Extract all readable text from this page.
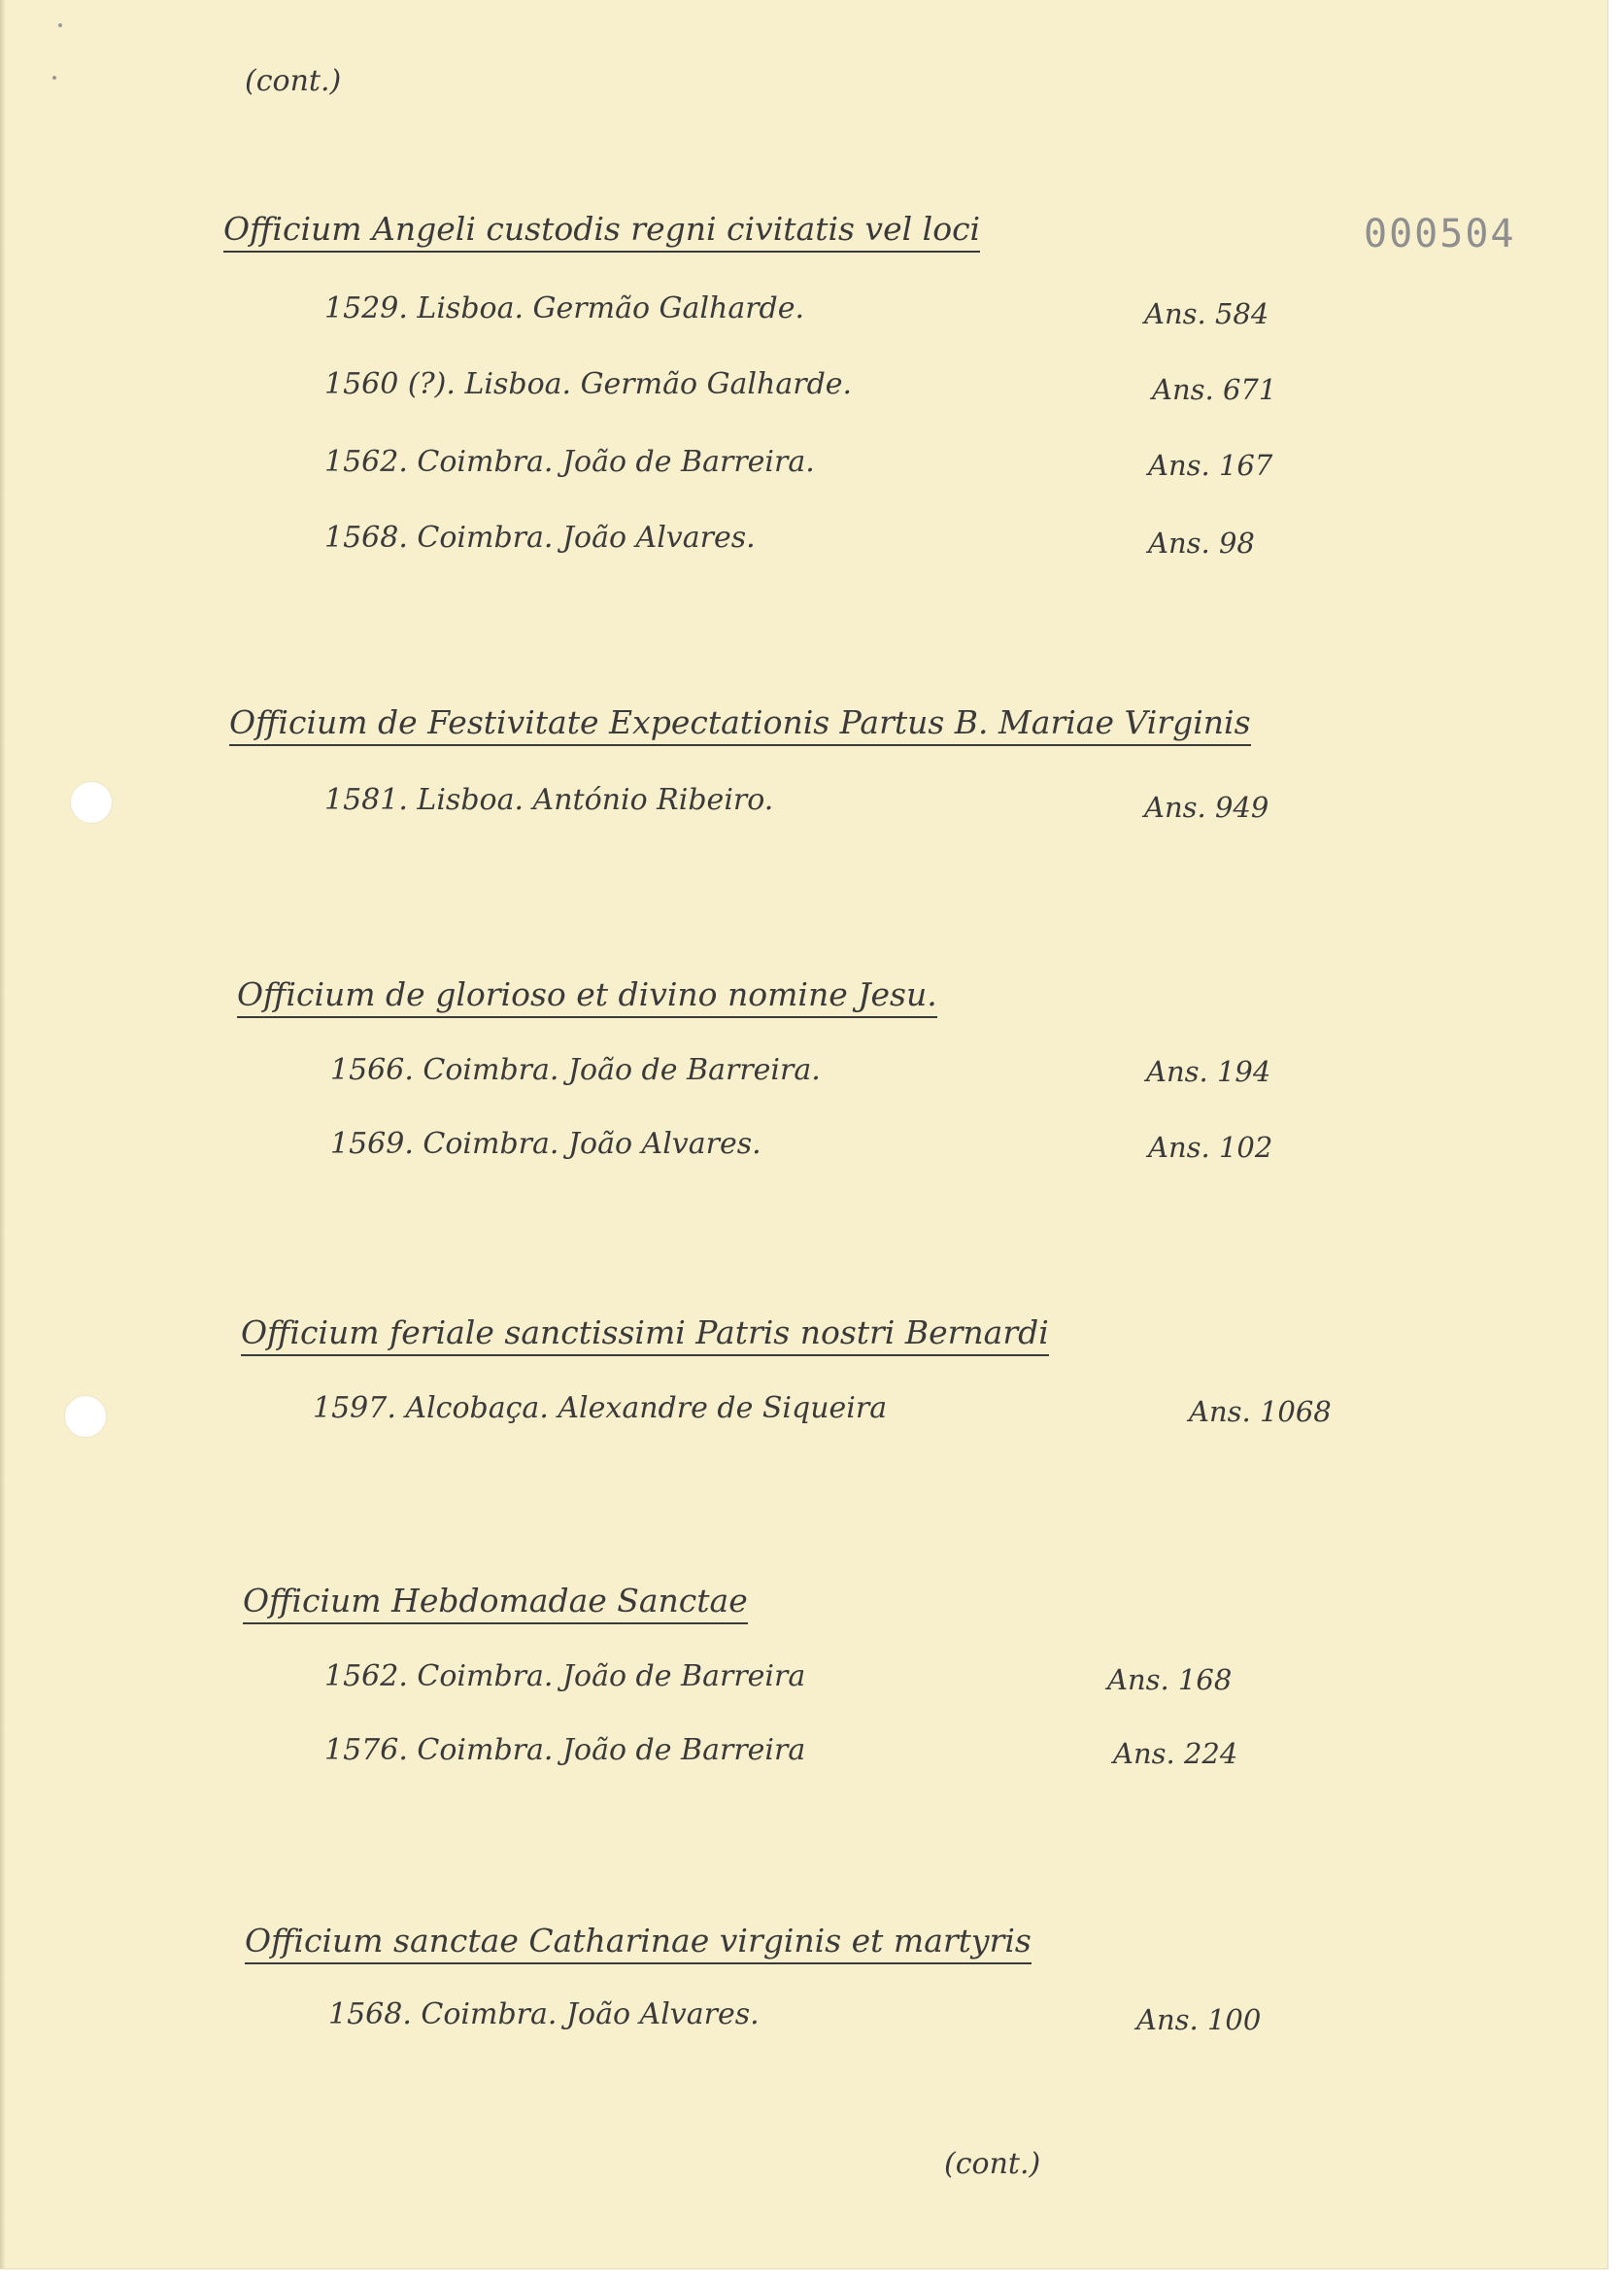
(cont.)

000504

Officium Angeli custodis regni civitatis vel loci

1529. Lisboa. Germão Galharde.	Ans. 584

1560 (?). Lisboa. Germão Galharde.	Ans. 671

1562. Coimbra. João de Barreira.	Ans. 167

1568. Coimbra. João Alvares.	Ans. 98

Officium de Festivitate Expectationis Partus B. Mariae Virginis

1581. Lisboa. António Ribeiro.	Ans. 949

Officium de glorioso et divino nomine Jesu.

1566. Coimbra. João de Barreira.	Ans. 194

1569. Coimbra. João Alvares.	Ans. 102

Officium feriale sanctissimi Patris nostri Bernardi

1597. Alcobaça. Alexandre de Siqueira	Ans. 1068

Officium Hebdomadae Sanctae

1562. Coimbra. João de Barreira	Ans. 168

1576. Coimbra. João de Barreira	Ans. 224

Officium sanctae Catharinae virginis et martyris

1568. Coimbra. João Alvares.	Ans. 100

(cont.)
